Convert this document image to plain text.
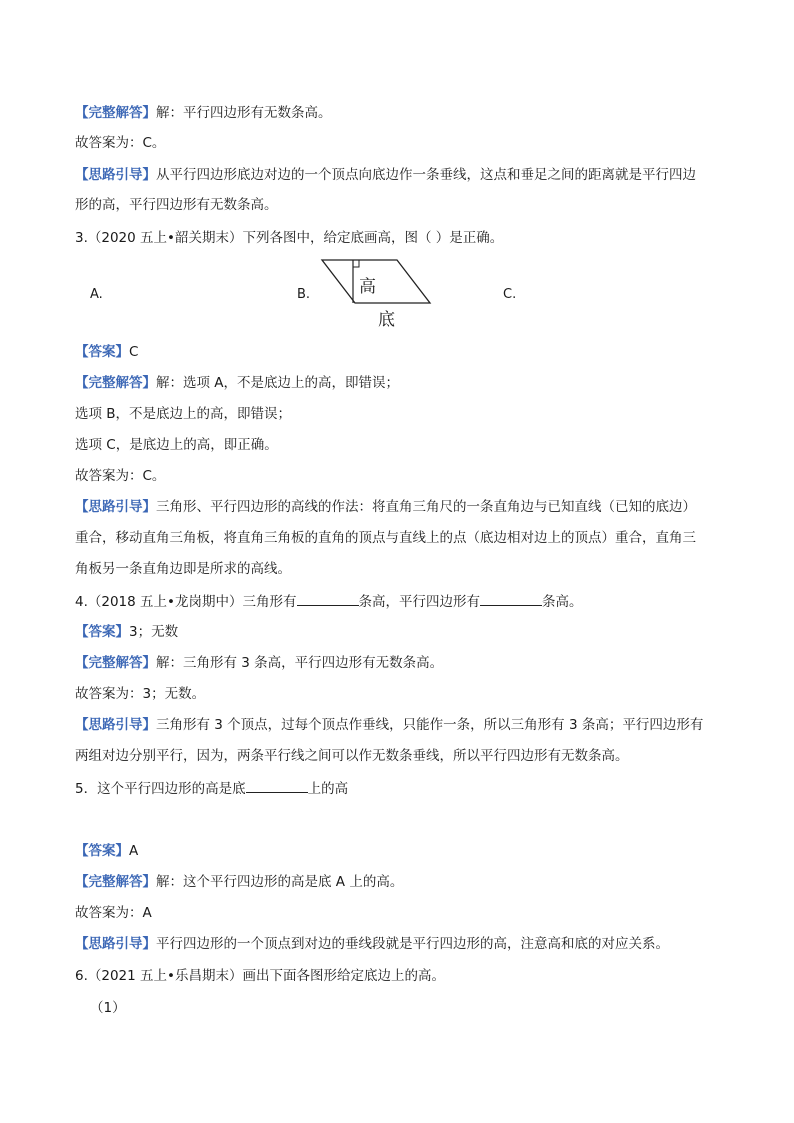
【完整解答】解：平行四边形有无数条高。
故答案为：C。
【思路引导】从平行四边形底边对边的一个顶点向底边作一条垂线，这点和垂足之间的距离就是平行四边
形的高，平行四边形有无数条高。
3.（2020 五上•韶关期末）下列各图中，给定底画高，图（ ）是正确。
A.	B.	C.
高
底
【答案】C
【完整解答】解：选项 A，不是底边上的高，即错误；
选项 B，不是底边上的高，即错误；
选项 C，是底边上的高，即正确。
故答案为：C。
【思路引导】三角形、平行四边形的高线的作法：将直角三角尺的一条直角边与已知直线（已知的底边）
重合，移动直角三角板，将直角三角板的直角的顶点与直线上的点（底边相对边上的顶点）重合，直角三
角板另一条直角边即是所求的高线。
4.（2018 五上•龙岗期中）三角形有	条高，平行四边形有	条高。
【答案】3；无数
【完整解答】解：三角形有 3 条高，平行四边形有无数条高。
故答案为：3；无数。
【思路引导】三角形有 3 个顶点，过每个顶点作垂线，只能作一条，所以三角形有 3 条高；平行四边形有
两组对边分别平行，因为，两条平行线之间可以作无数条垂线，所以平行四边形有无数条高。
5．这个平行四边形的高是底	上的高
【答案】A
【完整解答】解：这个平行四边形的高是底 A 上的高。
故答案为：A
【思路引导】平行四边形的一个顶点到对边的垂线段就是平行四边形的高，注意高和底的对应关系。
6.（2021 五上•乐昌期末）画出下面各图形给定底边上的高。
（1）
